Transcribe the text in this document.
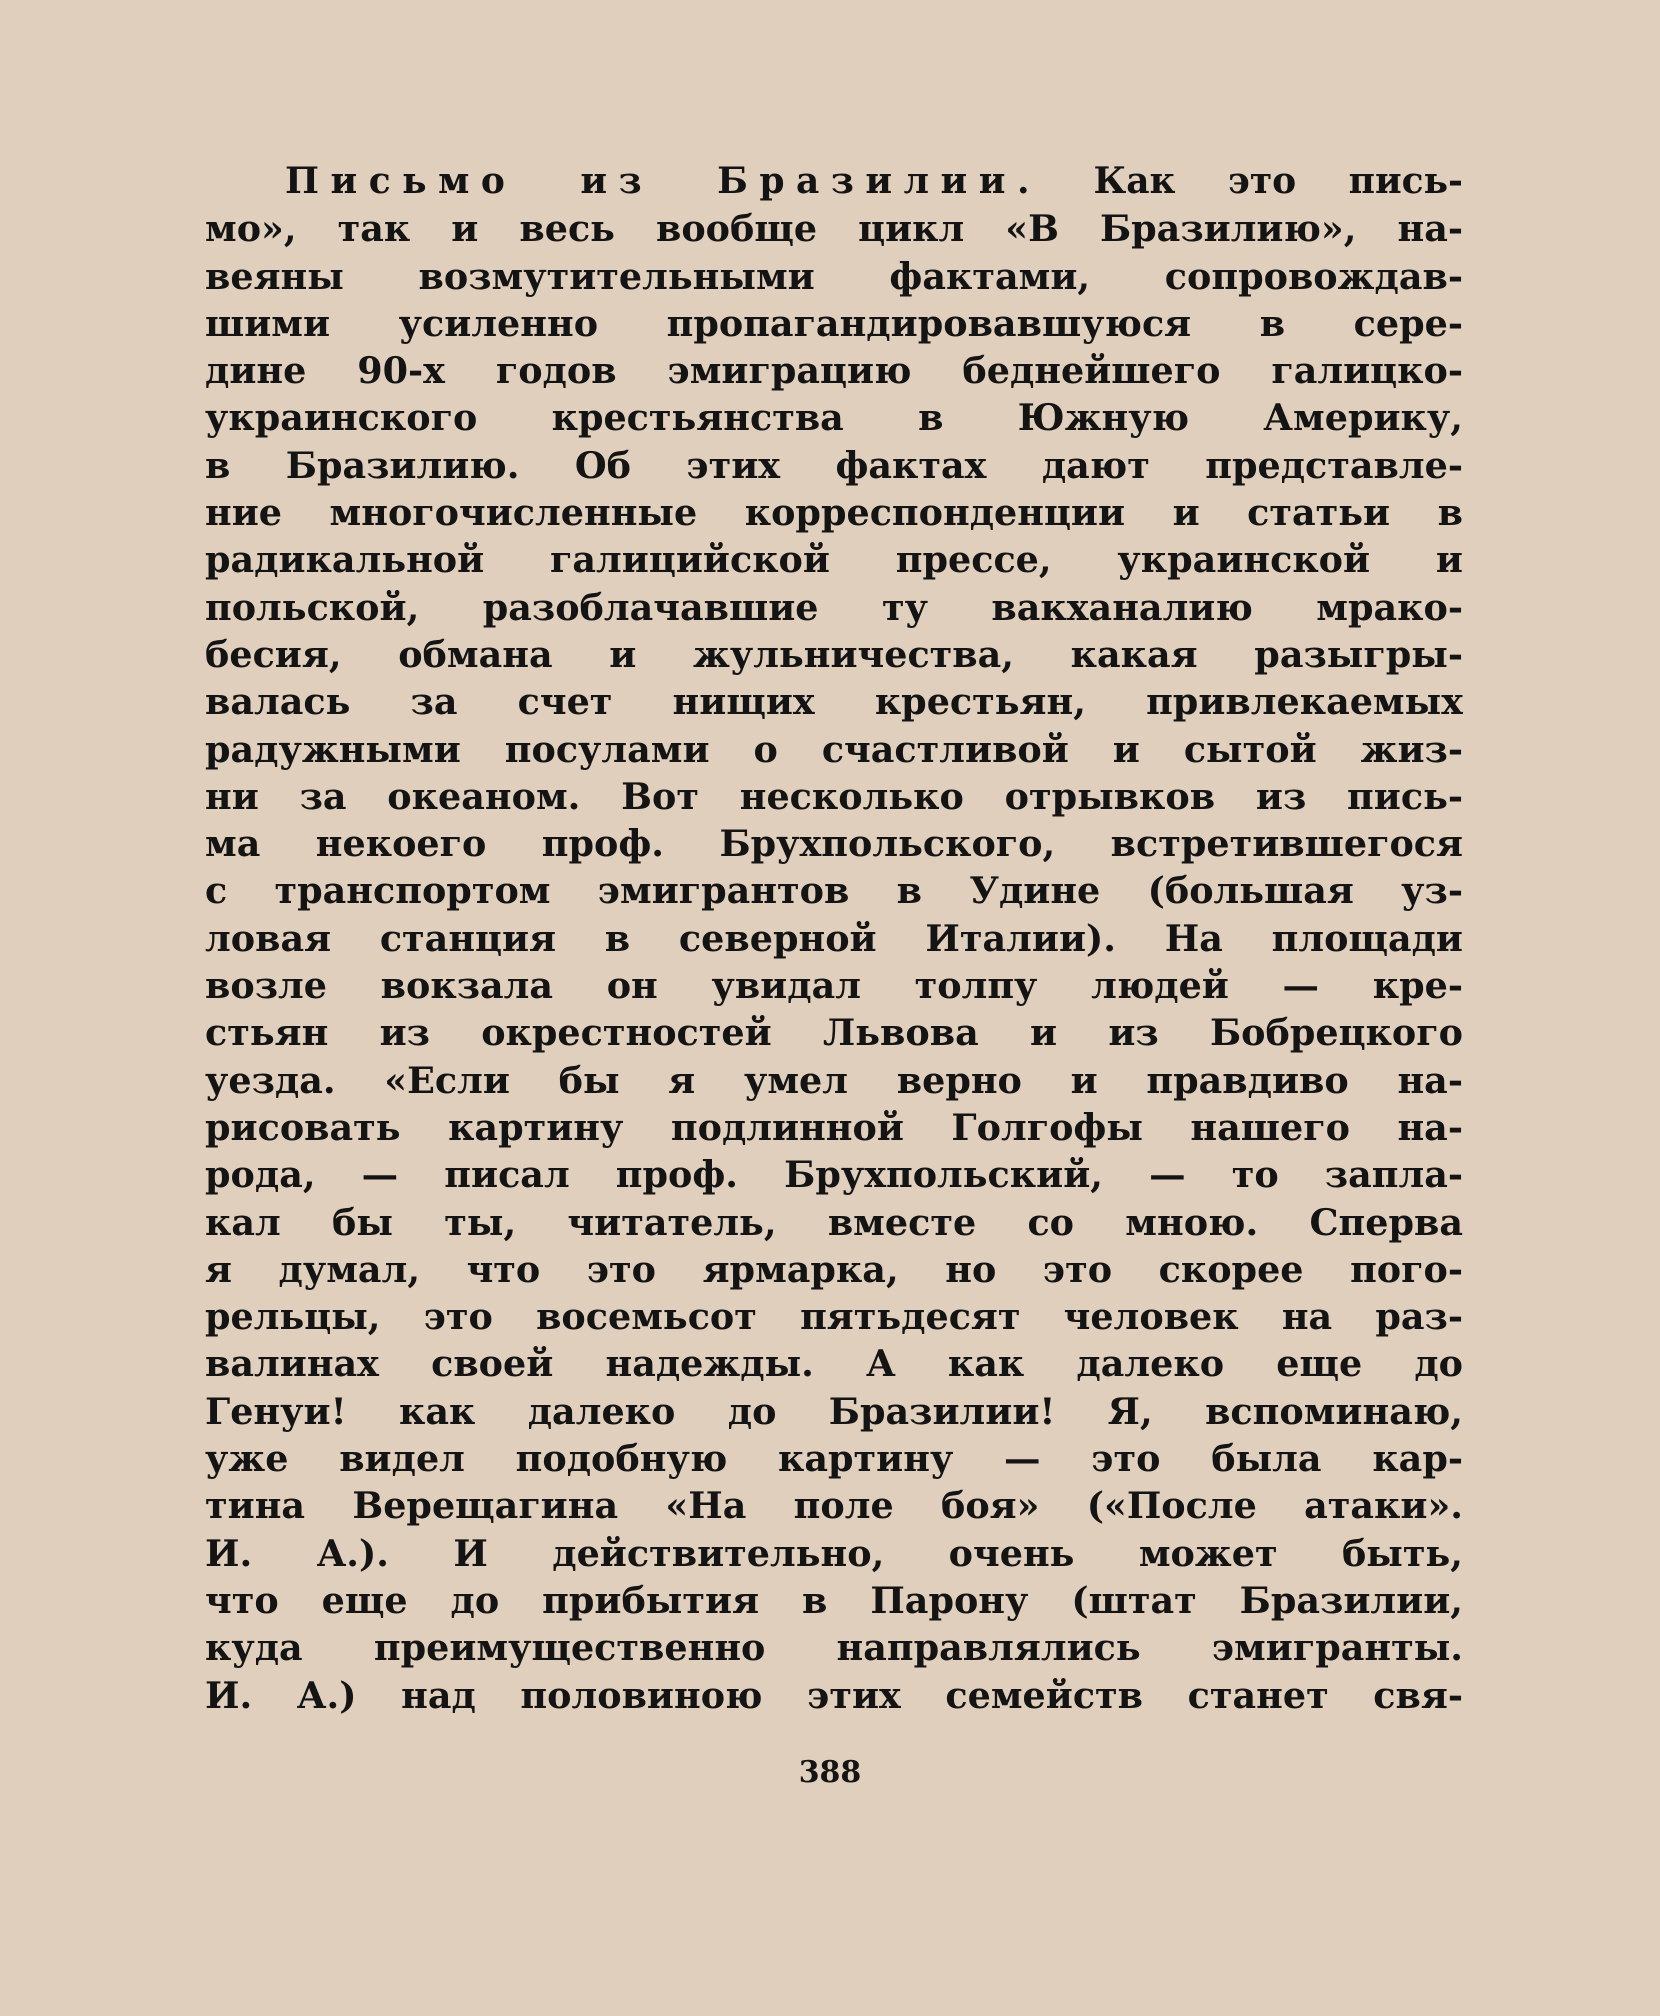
Письмо из Бразилии. Как это пись-
мо», так и весь вообще цикл «В Бразилию», на-
веяны возмутительными фактами, сопровождав-
шими усиленно пропагандировавшуюся в сере-
дине 90-х годов эмиграцию беднейшего галицко-
украинского крестьянства в Южную Америку,
в Бразилию. Об этих фактах дают представле-
ние многочисленные корреспонденции и статьи в
радикальной галицийской прессе, украинской и
польской, разоблачавшие ту вакханалию мрако-
бесия, обмана и жульничества, какая разыгры-
валась за счет нищих крестьян, привлекаемых
радужными посулами о счастливой и сытой жиз-
ни за океаном. Вот несколько отрывков из пись-
ма некоего проф. Брухпольского, встретившегося
с транспортом эмигрантов в Удине (большая уз-
ловая станция в северной Италии). На площади
возле вокзала он увидал толпу людей — кре-
стьян из окрестностей Львова и из Бобрецкого
уезда. «Если бы я умел верно и правдиво на-
рисовать картину подлинной Голгофы нашего на-
рода, — писал проф. Брухпольский, — то запла-
кал бы ты, читатель, вместе со мною. Сперва
я думал, что это ярмарка, но это скорее пого-
рельцы, это восемьсот пятьдесят человек на раз-
валинах своей надежды. А как далеко еще до
Генуи! как далеко до Бразилии! Я, вспоминаю,
уже видел подобную картину — это была кар-
тина Верещагина «На поле боя» («После атаки».
И. А.). И действительно, очень может быть,
что еще до прибытия в Парону (штат Бразилии,
куда преимущественно направлялись эмигранты.
И. А.) над половиною этих семейств станет свя-
388
